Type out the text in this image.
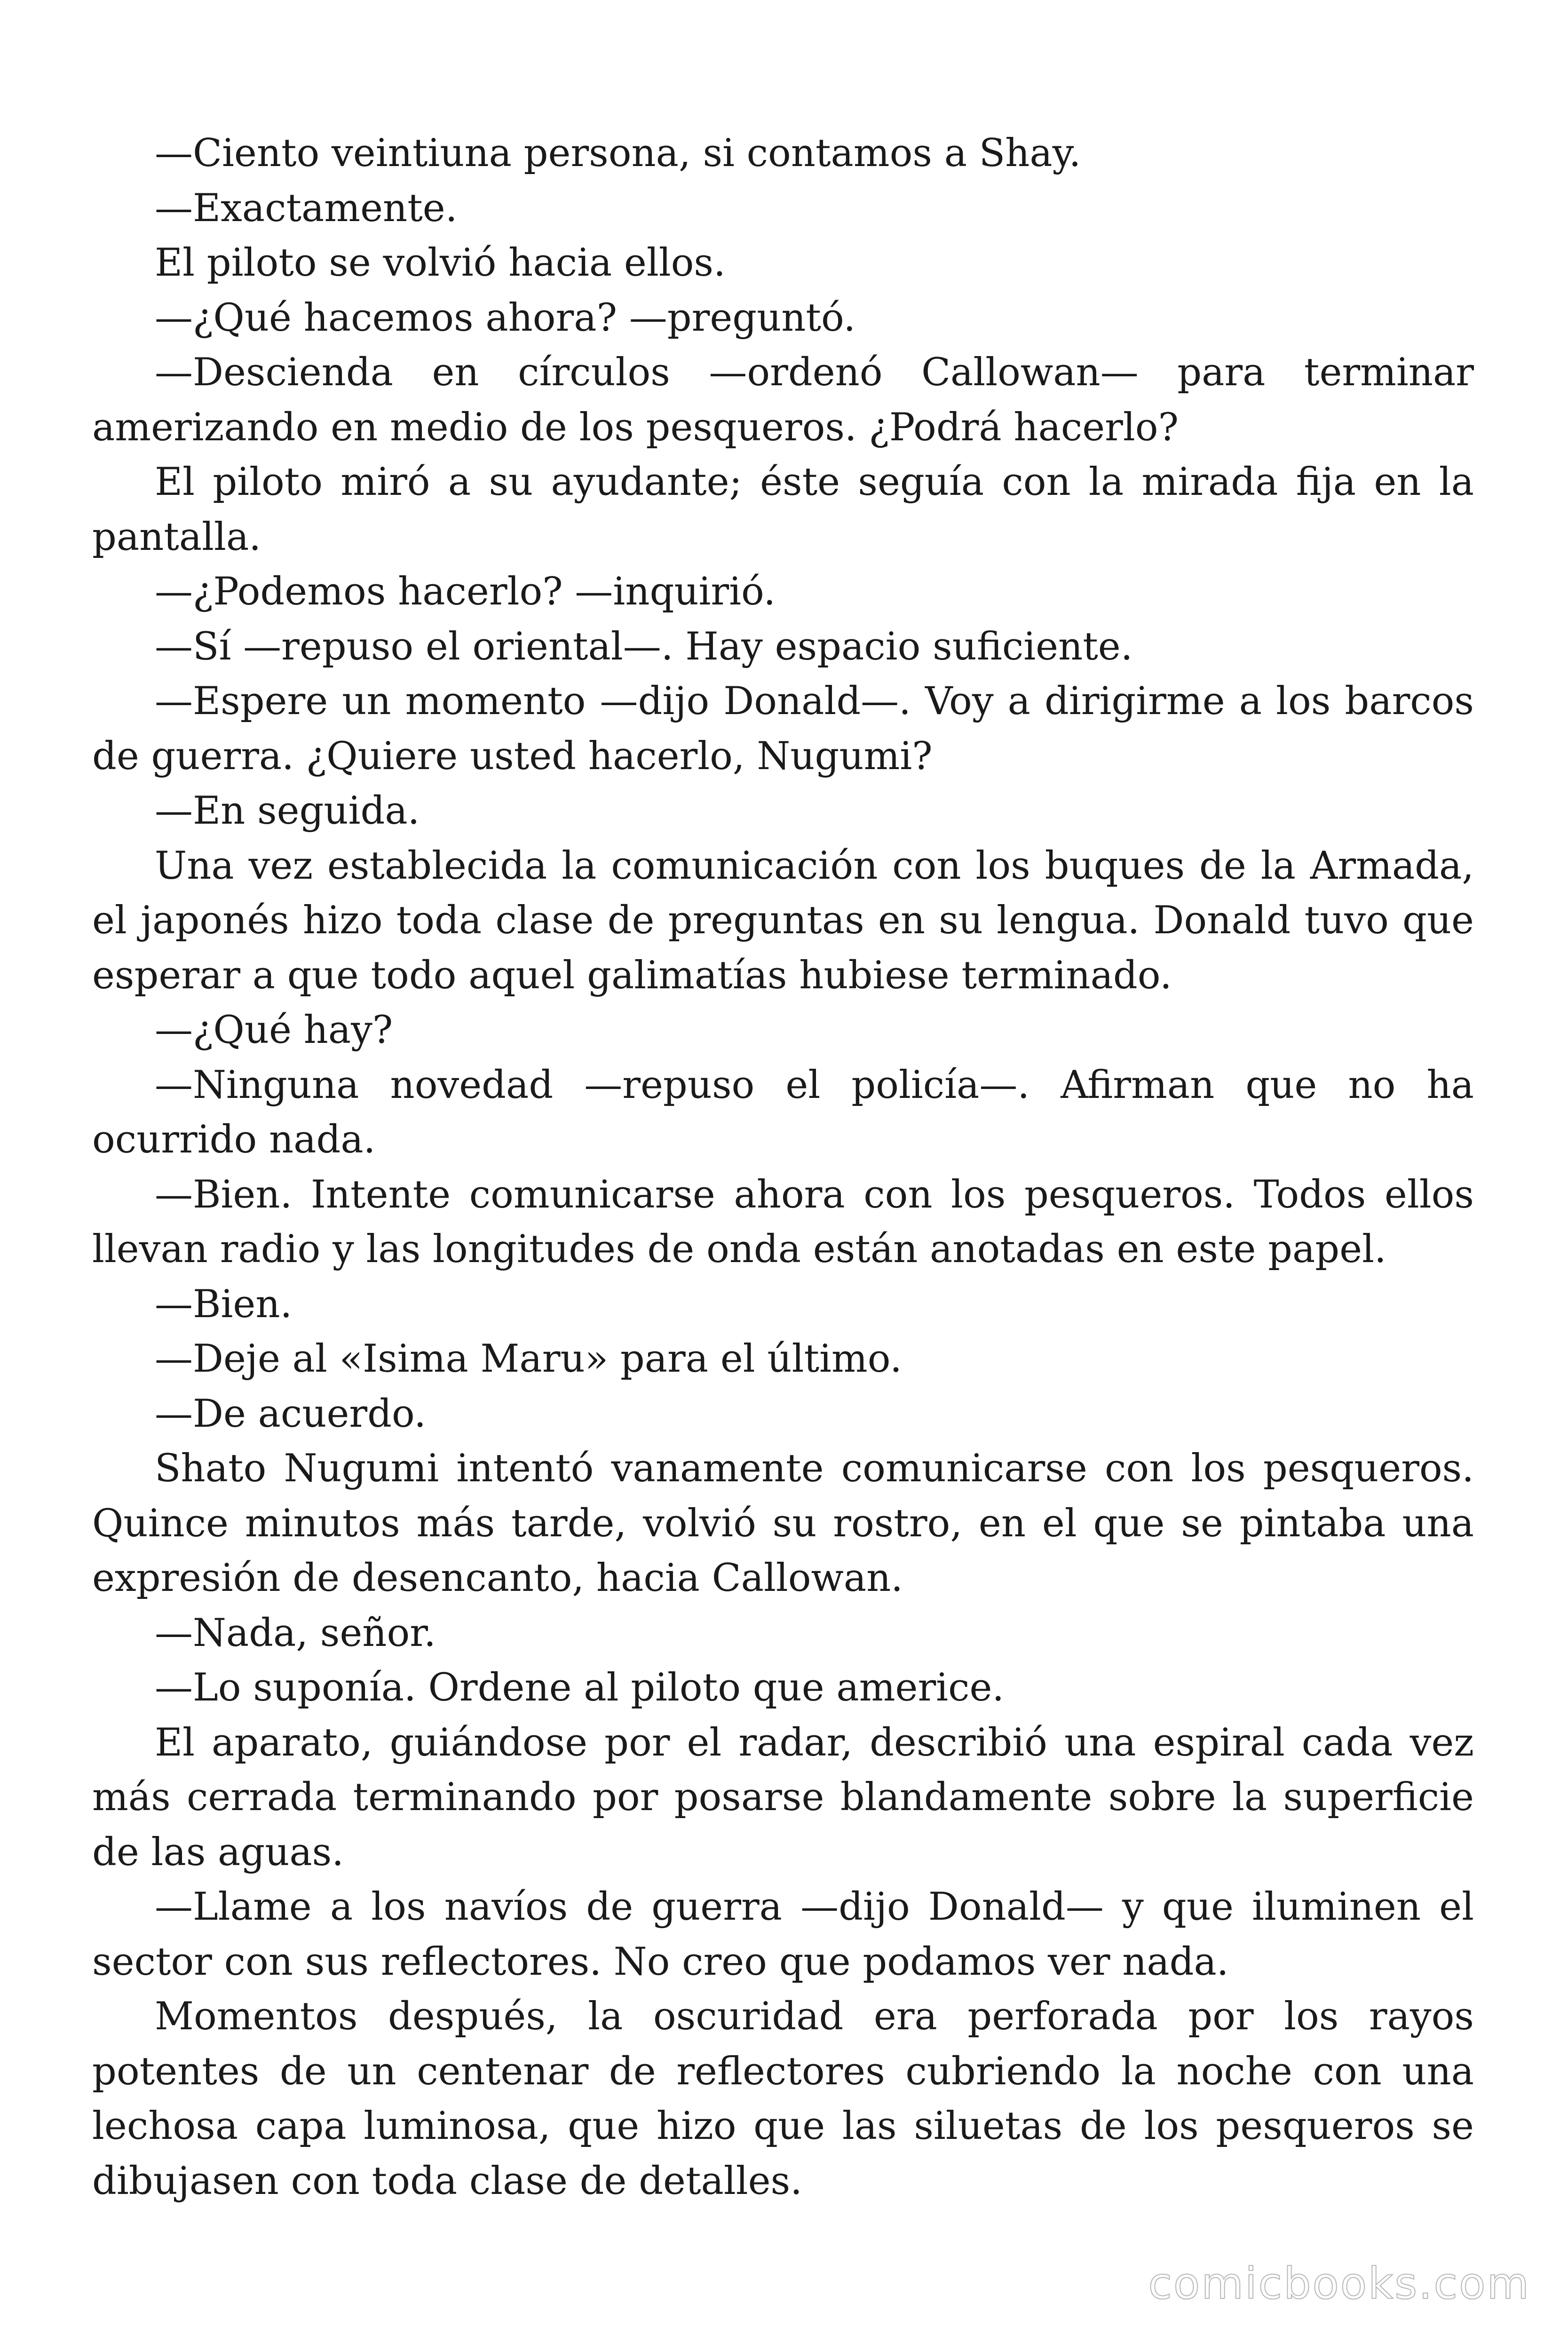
—Ciento veintiuna persona, si contamos a Shay.

—Exactamente.

El piloto se volvió hacia ellos.

—¿Qué hacemos ahora? —preguntó.

—Descienda en círculos —ordenó Callowan— para terminar amerizando en medio de los pesqueros. ¿Podrá hacerlo?

El piloto miró a su ayudante; éste seguía con la mirada fija en la pantalla.

—¿Podemos hacerlo? —inquirió.

—Sí —repuso el oriental—. Hay espacio suficiente.

—Espere un momento —dijo Donald—. Voy a dirigirme a los barcos de guerra. ¿Quiere usted hacerlo, Nugumi?

—En seguida.

Una vez establecida la comunicación con los buques de la Armada, el japonés hizo toda clase de preguntas en su lengua. Donald tuvo que esperar a que todo aquel galimatías hubiese terminado.

—¿Qué hay?

—Ninguna novedad —repuso el policía—. Afirman que no ha ocurrido nada.

—Bien. Intente comunicarse ahora con los pesqueros. Todos ellos llevan radio y las longitudes de onda están anotadas en este papel.

—Bien.

—Deje al «Isima Maru» para el último.

—De acuerdo.

Shato Nugumi intentó vanamente comunicarse con los pesqueros. Quince minutos más tarde, volvió su rostro, en el que se pintaba una expresión de desencanto, hacia Callowan.

—Nada, señor.

—Lo suponía. Ordene al piloto que americe.

El aparato, guiándose por el radar, describió una espiral cada vez más cerrada terminando por posarse blandamente sobre la superficie de las aguas.

—Llame a los navíos de guerra —dijo Donald— y que iluminen el sector con sus reflectores. No creo que podamos ver nada.

Momentos después, la oscuridad era perforada por los rayos potentes de un centenar de reflectores cubriendo la noche con una lechosa capa luminosa, que hizo que las siluetas de los pesqueros se dibujasen con toda clase de detalles.

comicbooks.com
